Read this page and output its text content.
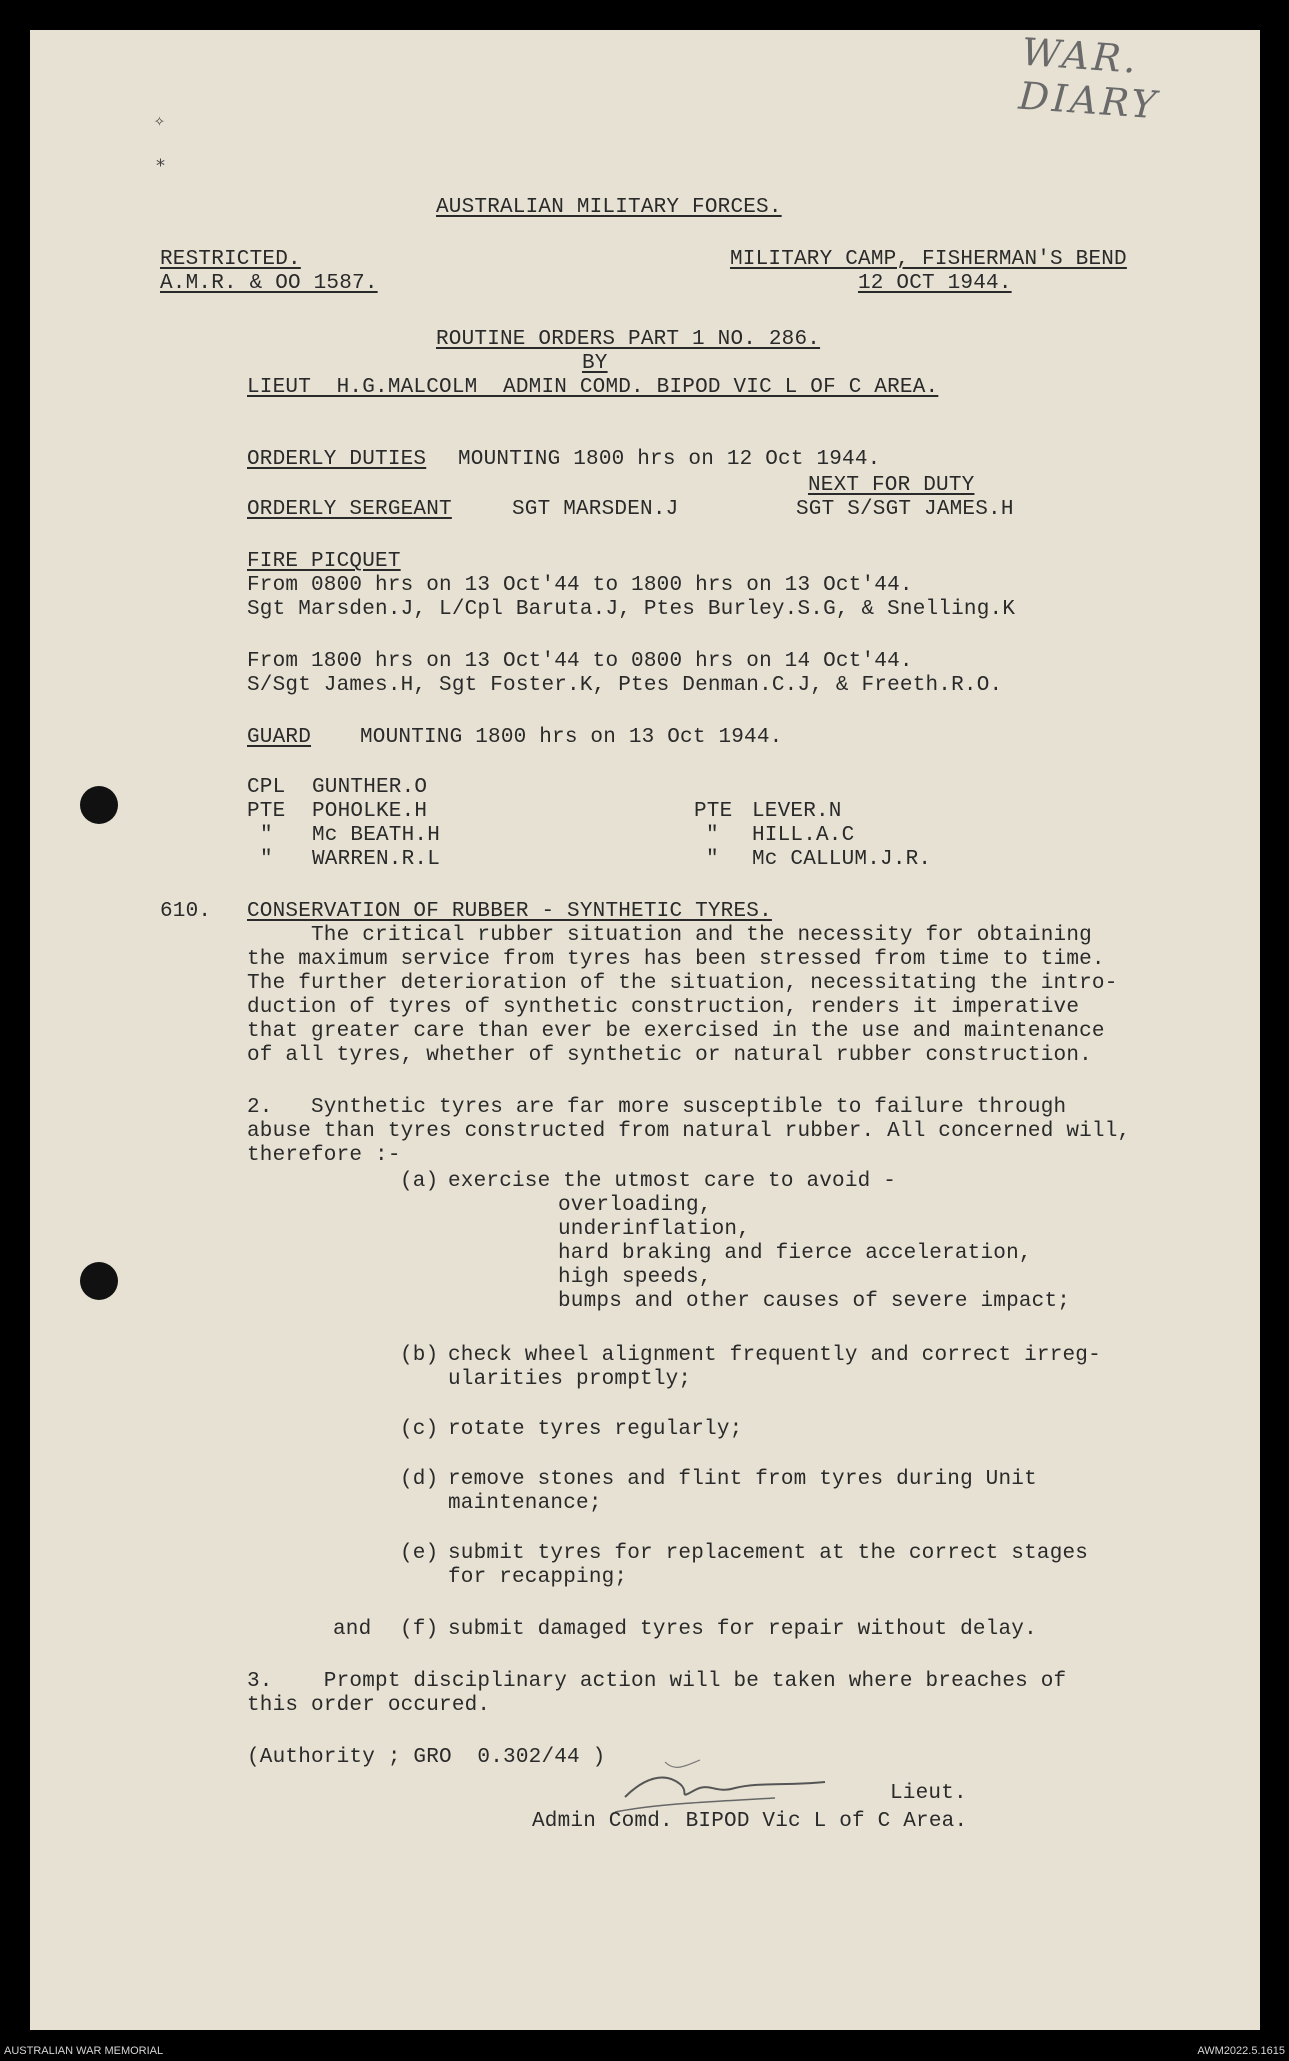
WAR. DIARY
✧
⁎
AUSTRALIAN MILITARY FORCES.
RESTRICTED.
A.M.R. & OO 1587.
MILITARY CAMP, FISHERMAN'S BEND
12 OCT 1944.
ROUTINE ORDERS PART 1 NO. 286.
BY
LIEUT  H.G.MALCOLM  ADMIN COMD. BIPOD VIC L OF C AREA.
ORDERLY DUTIES MOUNTING 1800 hrs on 12 Oct 1944.
NEXT FOR DUTY
ORDERLY SERGEANT	SGT MARSDEN.J	SGT S/SGT JAMES.H
FIRE PICQUET
From 0800 hrs on 13 Oct'44 to 1800 hrs on 13 Oct'44.
Sgt Marsden.J, L/Cpl Baruta.J, Ptes Burley.S.G, & Snelling.K
From 1800 hrs on 13 Oct'44 to 0800 hrs on 14 Oct'44.
S/Sgt James.H, Sgt Foster.K, Ptes Denman.C.J, & Freeth.R.O.
GUARD MOUNTING 1800 hrs on 13 Oct 1944.
CPL GUNTHER.O
PTE POHOLKE.H
" Mc BEATH.H
" WARREN.R.L
PTE LEVER.N
" HILL.A.C
" Mc CALLUM.J.R.
610. CONSERVATION OF RUBBER - SYNTHETIC TYRES.
The critical rubber situation and the necessity for obtaining
the maximum service from tyres has been stressed from time to time.
The further deterioration of the situation, necessitating the intro-
duction of tyres of synthetic construction, renders it imperative
that greater care than ever be exercised in the use and maintenance
of all tyres, whether of synthetic or natural rubber construction.
2.   Synthetic tyres are far more susceptible to failure through
abuse than tyres constructed from natural rubber. All concerned will,
therefore :-
(a) exercise the utmost care to avoid -
overloading,
underinflation,
hard braking and fierce acceleration,
high speeds,
bumps and other causes of severe impact;
(b) check wheel alignment frequently and correct irreg-
ularities promptly;
(c) rotate tyres regularly;
(d) remove stones and flint from tyres during Unit
maintenance;
(e) submit tyres for replacement at the correct stages
for recapping;
and (f) submit damaged tyres for repair without delay.
3.    Prompt disciplinary action will be taken where breaches of
this order occured.
(Authority ; GRO  0.302/44 )
Lieut.
Admin Comd. BIPOD Vic L of C Area.
AUSTRALIAN WAR MEMORIAL	AWM2022.5.1615
